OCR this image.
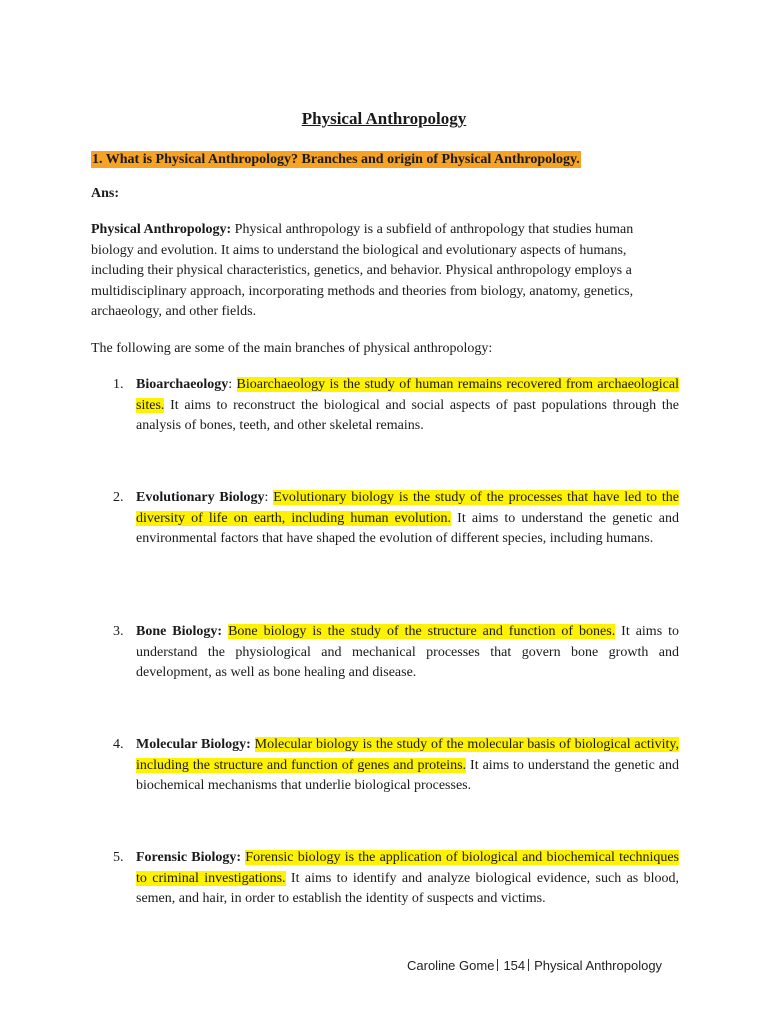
Physical Anthropology
1. What is Physical Anthropology? Branches and origin of Physical Anthropology.
Ans:

Physical Anthropology: Physical anthropology is a subfield of anthropology that studies human biology and evolution. It aims to understand the biological and evolutionary aspects of humans, including their physical characteristics, genetics, and behavior. Physical anthropology employs a multidisciplinary approach, incorporating methods and theories from biology, anatomy, genetics, archaeology, and other fields.

The following are some of the main branches of physical anthropology:

1. Bioarchaeology: Bioarchaeology is the study of human remains recovered from archaeological sites. It aims to reconstruct the biological and social aspects of past populations through the analysis of bones, teeth, and other skeletal remains.

2. Evolutionary Biology: Evolutionary biology is the study of the processes that have led to the diversity of life on earth, including human evolution. It aims to understand the genetic and environmental factors that have shaped the evolution of different species, including humans.

3. Bone Biology: Bone biology is the study of the structure and function of bones. It aims to understand the physiological and mechanical processes that govern bone growth and development, as well as bone healing and disease.

4. Molecular Biology: Molecular biology is the study of the molecular basis of biological activity, including the structure and function of genes and proteins. It aims to understand the genetic and biochemical mechanisms that underlie biological processes.

5. Forensic Biology: Forensic biology is the application of biological and biochemical techniques to criminal investigations. It aims to identify and analyze biological evidence, such as blood, semen, and hair, in order to establish the identity of suspects and victims.

Caroline Gome 154 Physical Anthropology
